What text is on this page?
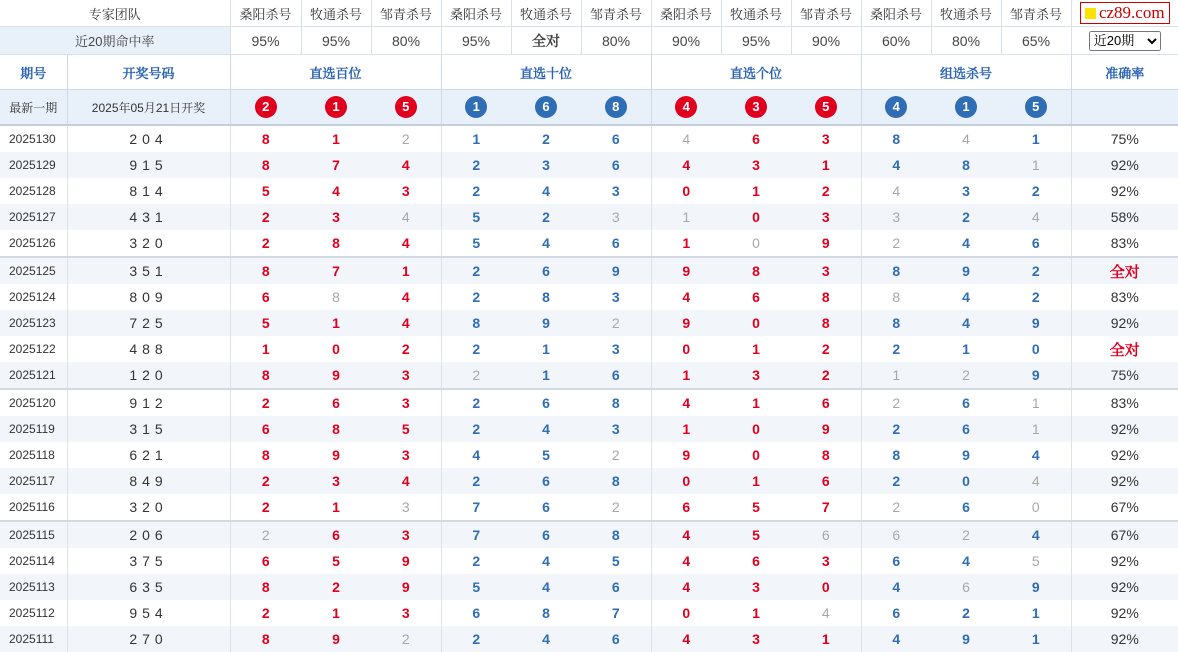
专家团队		桑阳杀号	牧通杀号	邹青杀号	桑阳杀号	牧通杀号	邹青杀号	桑阳杀号	牧通杀号	邹青杀号	桑阳杀号	牧通杀号	邹青杀号	cz89.com

近20期命中率		95%	95%	80%	95%	全对	80%	90%	95%	90%	60%	80%	65%	
近20期
期号	开奖号码	直选百位			直选十位			直选个位			组选杀号			准确率
最新一期	2025年05月21日开奖	2	1	5	1	6	8	4	3	5	4	1	5	
2025130	204	8	1	2	1	2	6	4	6	3	8	4	1	75%
2025129	915	8	7	4	2	3	6	4	3	1	4	8	1	92%
2025128	814	5	4	3	2	4	3	0	1	2	4	3	2	92%
2025127	431	2	3	4	5	2	3	1	0	3	3	2	4	58%
2025126	320	2	8	4	5	4	6	1	0	9	2	4	6	83%
2025125	351	8	7	1	2	6	9	9	8	3	8	9	2	全对
2025124	809	6	8	4	2	8	3	4	6	8	8	4	2	83%
2025123	725	5	1	4	8	9	2	9	0	8	8	4	9	92%
2025122	488	1	0	2	2	1	3	0	1	2	2	1	0	全对
2025121	120	8	9	3	2	1	6	1	3	2	1	2	9	75%
2025120	912	2	6	3	2	6	8	4	1	6	2	6	1	83%
2025119	315	6	8	5	2	4	3	1	0	9	2	6	1	92%
2025118	621	8	9	3	4	5	2	9	0	8	8	9	4	92%
2025117	849	2	3	4	2	6	8	0	1	6	2	0	4	92%
2025116	320	2	1	3	7	6	2	6	5	7	2	6	0	67%
2025115	206	2	6	3	7	6	8	4	5	6	6	2	4	67%
2025114	375	6	5	9	2	4	5	4	6	3	6	4	5	92%
2025113	635	8	2	9	5	4	6	4	3	0	4	6	9	92%
2025112	954	2	1	3	6	8	7	0	1	4	6	2	1	92%
2025111	270	8	9	2	2	4	6	4	3	1	4	9	1	92%
